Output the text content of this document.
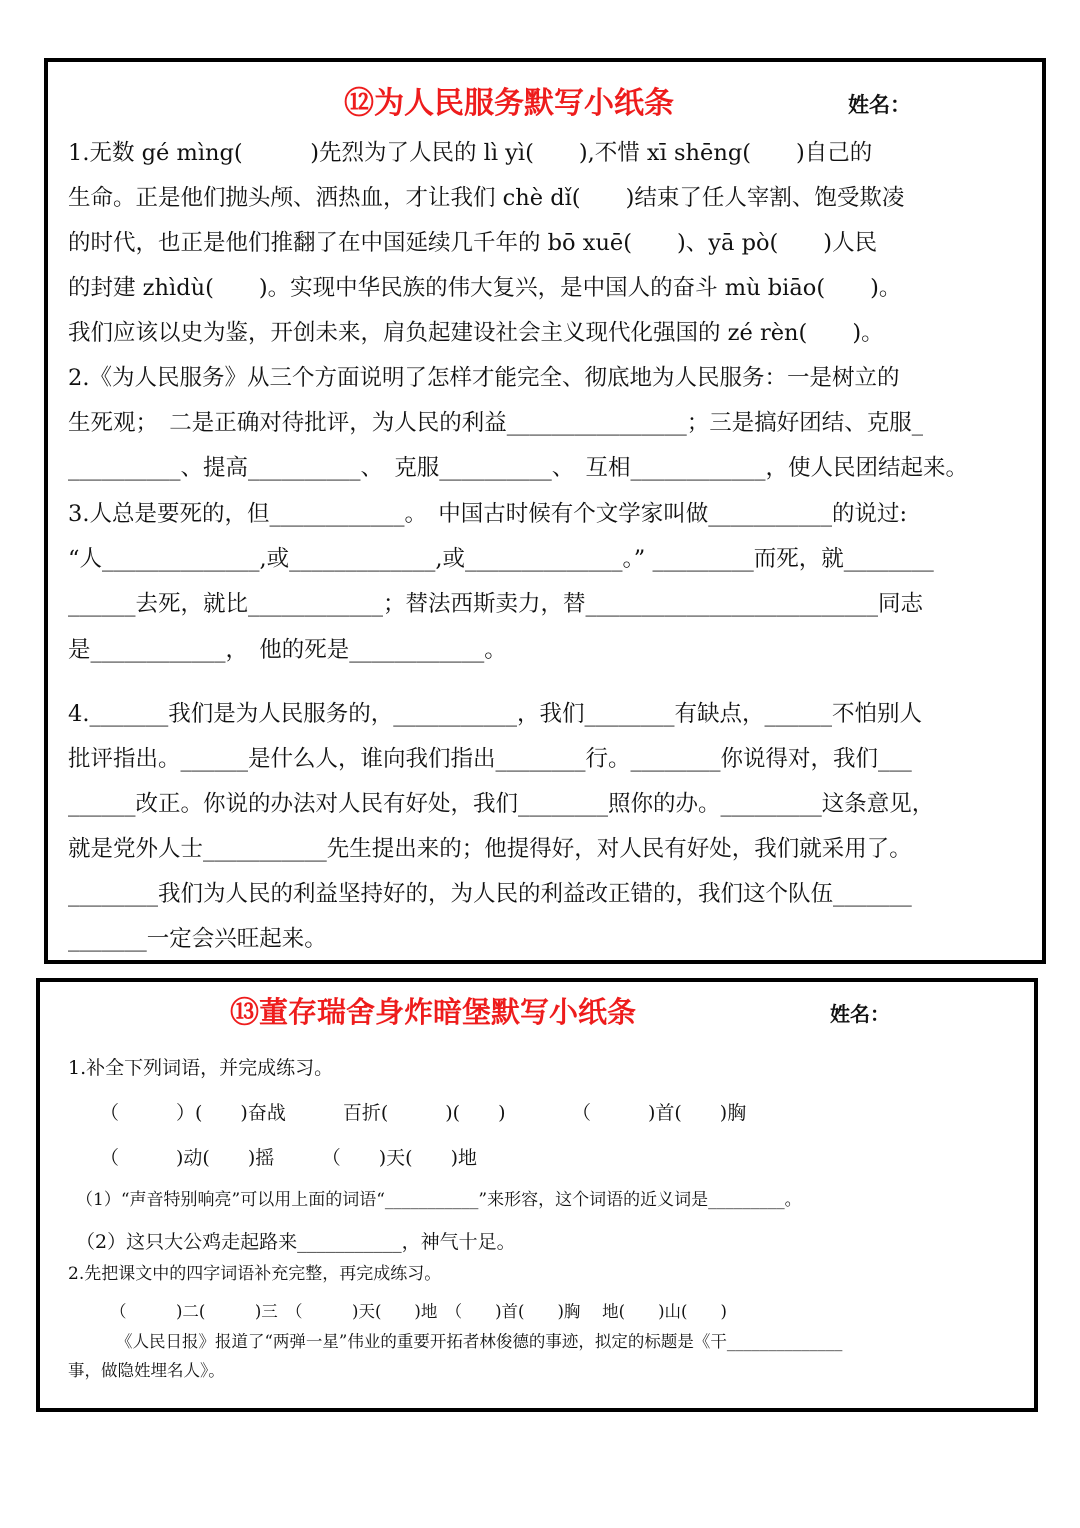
⑫为人民服务默写小纸条	姓名：
1.无数 gé mìng(　　　)先烈为了人民的 lì yì(　　),不惜 xī shēng(　　)自己的
生命。正是他们抛头颅、洒热血，才让我们 chè dǐ(　　)结束了任人宰割、饱受欺凌
的时代，也正是他们推翻了在中国延续几千年的 bō xuē(　　)、yā pò(　　)人民
的封建 zhìdù(　　)。实现中华民族的伟大复兴，是中国人的奋斗 mù biāo(　　)。
我们应该以史为鉴，开创未来，肩负起建设社会主义现代化强国的 zé rèn(　　)。
2.《为人民服务》从三个方面说明了怎样才能完全、彻底地为人民服务：一是树立的
生死观；　二是正确对待批评，为人民的利益________________；三是搞好团结、克服_
__________、提高__________、　克服__________、　互相____________，使人民团结起来。
3.人总是要死的，但____________。　中国古时候有个文学家叫做___________的说过:
“人______________,或_____________,或______________。” _________而死，就________
______去死，就比____________；替法西斯卖力，替__________________________同志
是____________，　他的死是____________。
4._______我们是为人民服务的，___________，我们________有缺点，______不怕别人
批评指出。______是什么人，谁向我们指出________行。________你说得对，我们___
______改正。你说的办法对人民有好处，我们________照你的办。_________这条意见，
就是党外人士___________先生提出来的；他提得好，对人民有好处，我们就采用了。
________我们为人民的利益坚持好的，为人民的利益改正错的，我们这个队伍_______
_______一定会兴旺起来。
⑬董存瑞舍身炸暗堡默写小纸条	姓名：
1.补全下列词语，并完成练习。
（　　　）(　　)奋战　　　百折(　　　)(　　)　　　　（　　　)首(　　)胸
（　　　)动(　　)摇　　　（　　)天(　　)地
（1）“声音特别响亮”可以用上面的词语“___________”来形容，这个词语的近义词是_________。
（2）这只大公鸡走起路来___________，神气十足。
2.先把课文中的四字词语补充完整，再完成练习。
（　　　)二(　　　)三　（　　　)天(　　)地　（　　)首(　　)胸　 地(　　)山(　　)
《人民日报》报道了“两弹一星”伟业的重要开拓者林俊德的事迹，拟定的标题是《干______________
事，做隐姓埋名人》。
